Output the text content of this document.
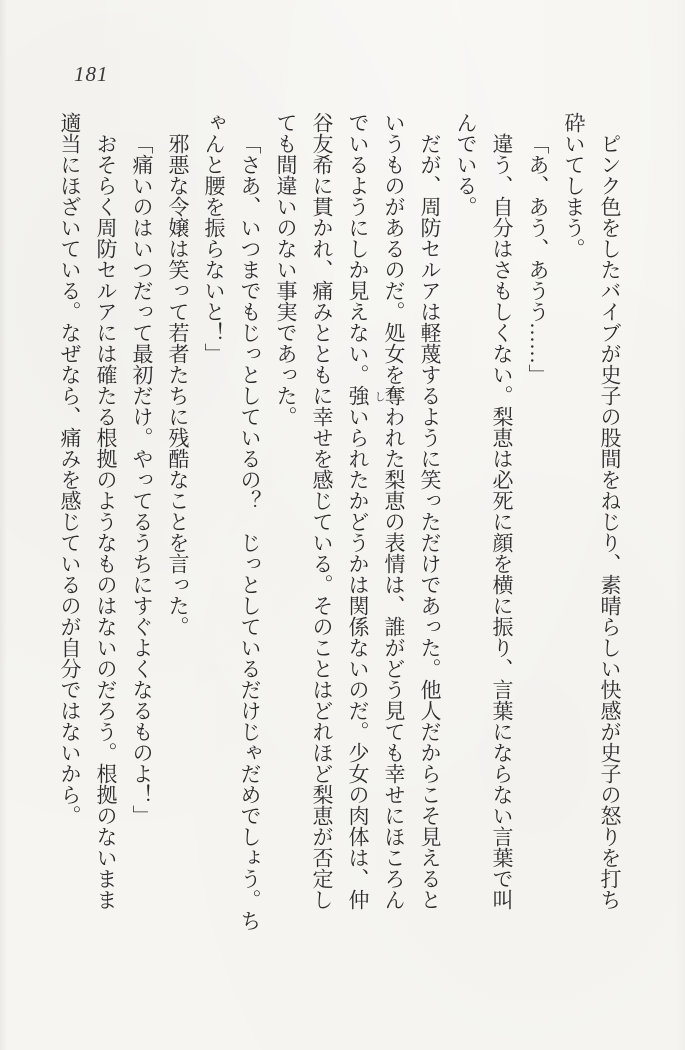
181

ピンク色をしたバイブが史子の股間をねじり、素晴らしい快感が史子の怒りを打ち

砕いてしまう。

「あ、あう、あうう……」

違う、自分はさもしくない。梨恵は必死に顔を横に振り、言葉にならない言葉で叫

んでいる。

だが、周防セルアは軽蔑するように笑っただけであった。他人だからこそ見えると

いうものがあるのだ。処女を奪われた梨恵の表情は、誰がどう見ても幸せにほころん

でいるようにしか見えない。強いられたかどうかは関係ないのだ。少女の肉体は、仲

谷友希に貫かれ、痛みとともに幸せを感じている。そのことはどれほど梨恵が否定し

ても間違いのない事実であった。

「さあ、いつまでもじっとしているの？　じっとしているだけじゃだめでしょう。ち

ゃんと腰を振らないと！」

邪悪な令嬢は笑って若者たちに残酷なことを言った。

「痛いのはいつだって最初だけ。やってるうちにすぐよくなるものよ！」

おそらく周防セルアには確たる根拠のようなものはないのだろう。根拠のないまま

適当にほざいている。なぜなら、痛みを感じているのが自分ではないから。	し
